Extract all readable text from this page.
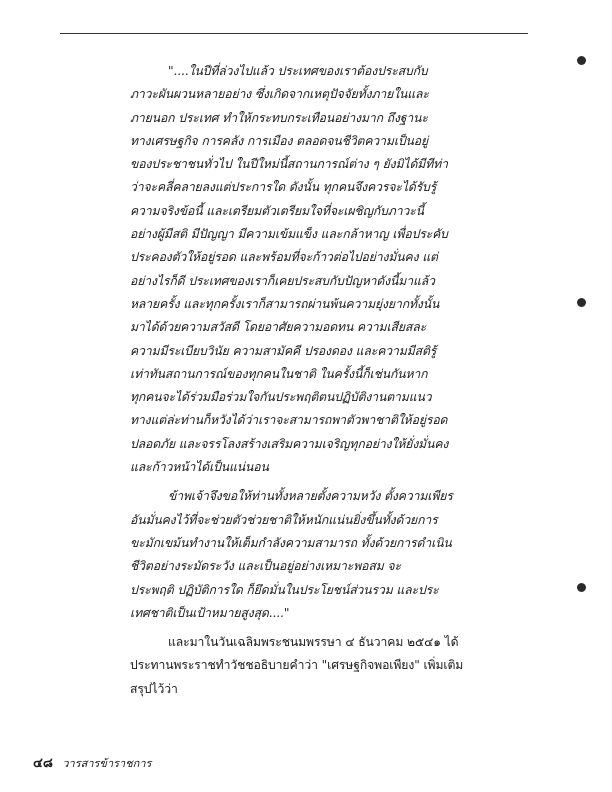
"....ในปีที่ล่วงไปแล้ว ประเทศของเราต้องประสบกับ
ภาวะผันผวนหลายอย่าง ซึ่งเกิดจากเหตุปัจจัยทั้งภายในและ
ภายนอก ประเทศ ทำให้กระทบกระเทือนอย่างมาก ถึงฐานะ
ทางเศรษฐกิจ การคลัง การเมือง ตลอดจนชีวิตความเป็นอยู่
ของประชาชนทั่วไป ในปีใหม่นี้สถานการณ์ต่าง ๆ ยังมิได้มีทีท่า
ว่าจะคลี่คลายลงแต่ประการใด ดังนั้น ทุกคนจึงควรจะได้รับรู้
ความจริงข้อนี้ และเตรียมตัวเตรียมใจที่จะเผชิญกับภาวะนี้
อย่างผู้มีสติ มีปัญญา มีความเข้มแข็ง และกล้าหาญ เพื่อประคับ
ประคองตัวให้อยู่รอด และพร้อมที่จะก้าวต่อไปอย่างมั่นคง แต่
อย่างไรก็ดี ประเทศของเราก็เคยประสบกับปัญหาดังนี้มาแล้ว
หลายครั้ง และทุกครั้งเราก็สามารถผ่านพ้นความยุ่งยากทั้งนั้น
มาได้ด้วยความสวัสดี โดยอาศัยความอดทน ความเสียสละ
ความมีระเบียบวินัย ความสามัคคี ปรองดอง และความมีสติรู้
เท่าทันสถานการณ์ของทุกคนในชาติ ในครั้งนี้ก็เช่นกันหาก
ทุกคนจะได้ร่วมมือร่วมใจกันประพฤติตนปฏิบัติงานตามแนว
ทางแต่ล่ะท่านก็หวังได้ว่าเราจะสามารถพาตัวพาชาติให้อยู่รอด
ปลอดภัย และจรรโลงสร้างเสริมความเจริญทุกอย่างให้ยั่งมั่นคง
และก้าวหน้าได้เป็นแน่นอน
ข้าพเจ้าจึงขอให้ท่านทั้งหลายตั้งความหวัง ตั้งความเพียร
อันมั่นคงไว้ที่จะช่วยตัวช่วยชาติให้หนักแน่นยิ่งขึ้นทั้งด้วยการ
ขะมักเขม้นทำงานให้เต็มกำลังความสามารถ ทั้งด้วยการดำเนิน
ชีวิตอย่างระมัดระวัง และเป็นอยู่อย่างเหมาะพอสม จะ
ประพฤติ ปฏิบัติการใด ก็ยึดมั่นในประโยชน์ส่วนรวม และประ
เทศชาติเป็นเป้าหมายสูงสุด...."
และมาในวันเฉลิมพระชนมพรรษา ๔ ธันวาคม ๒๕๔๑ ได้
ประทานพระราชทำวัชชอธิบายคำว่า "เศรษฐกิจพอเพียง" เพิ่มเติม
สรุปไว้ว่า
๔๘ วารสารข้าราชการ
